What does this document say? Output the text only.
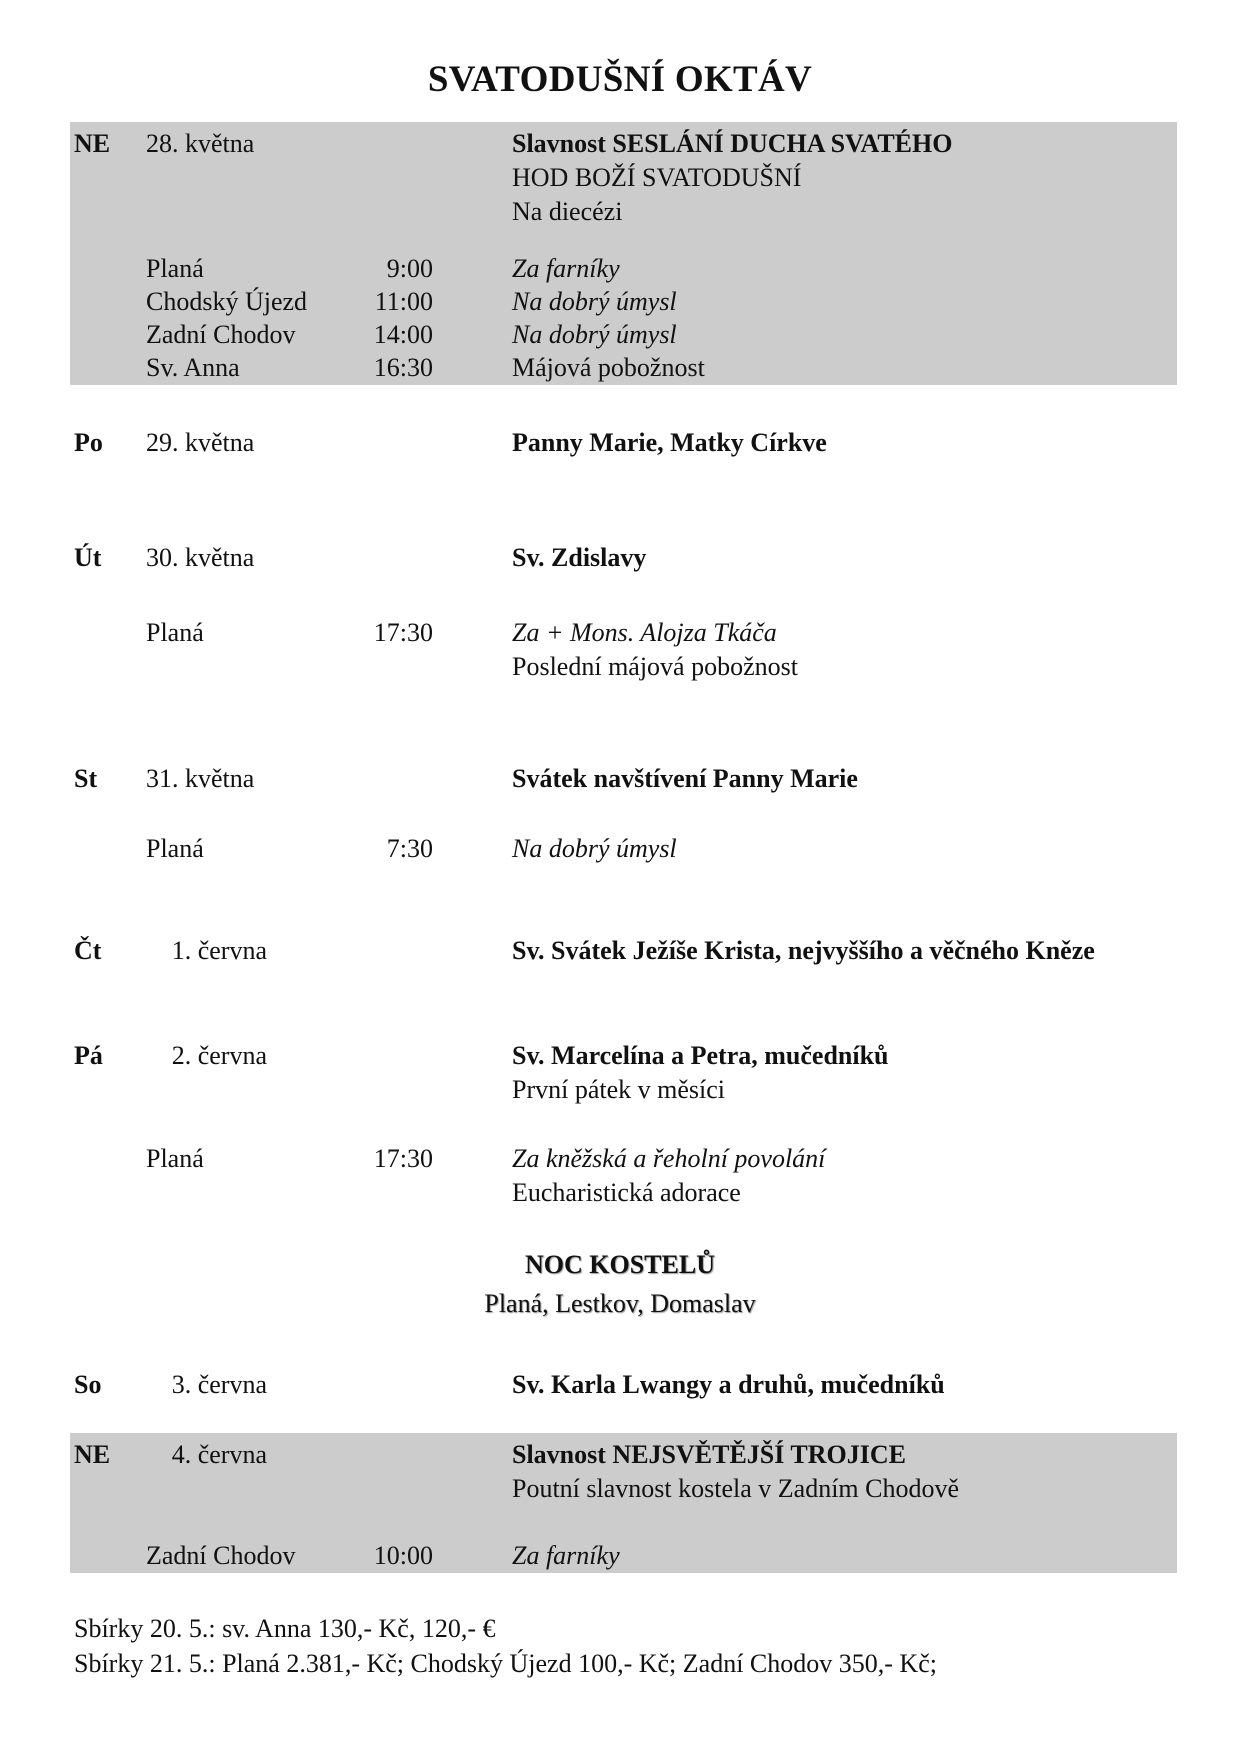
SVATODUŠNÍ OKTÁV
NE 28. května	Slavnost SESLÁNÍ DUCHA SVATÉHO
HOD BOŽÍ SVATODUŠNÍ
Na diecézi
Planá	9:00	Za farníky
Chodský Újezd	11:00	Na dobrý úmysl
Zadní Chodov	14:00	Na dobrý úmysl
Sv. Anna	16:30	Májová pobožnost
Po 29. května	Panny Marie, Matky Církve
Út 30. května	Sv. Zdislavy
Planá	17:30	Za + Mons. Alojza Tkáča
Poslední májová pobožnost
St 31. května	Svátek navštívení Panny Marie
Planá	7:30	Na dobrý úmysl
Čt	1. června	Sv. Svátek Ježíše Krista, nejvyššího a věčného Kněze
Pá	2. června	Sv. Marcelína a Petra, mučedníků
První pátek v měsíci
Planá	17:30	Za kněžská a řeholní povolání
Eucharistická adorace
NOC KOSTELŮ
Planá, Lestkov, Domaslav
So	3. června	Sv. Karla Lwangy a druhů, mučedníků
NE	4. června	Slavnost NEJSVĚTĚJŠÍ TROJICE
Poutní slavnost kostela v Zadním Chodově
Zadní Chodov	10:00	Za farníky
Sbírky 20. 5.: sv. Anna 130,- Kč, 120,- €
Sbírky 21. 5.: Planá 2.381,- Kč; Chodský Újezd 100,- Kč; Zadní Chodov 350,- Kč;
